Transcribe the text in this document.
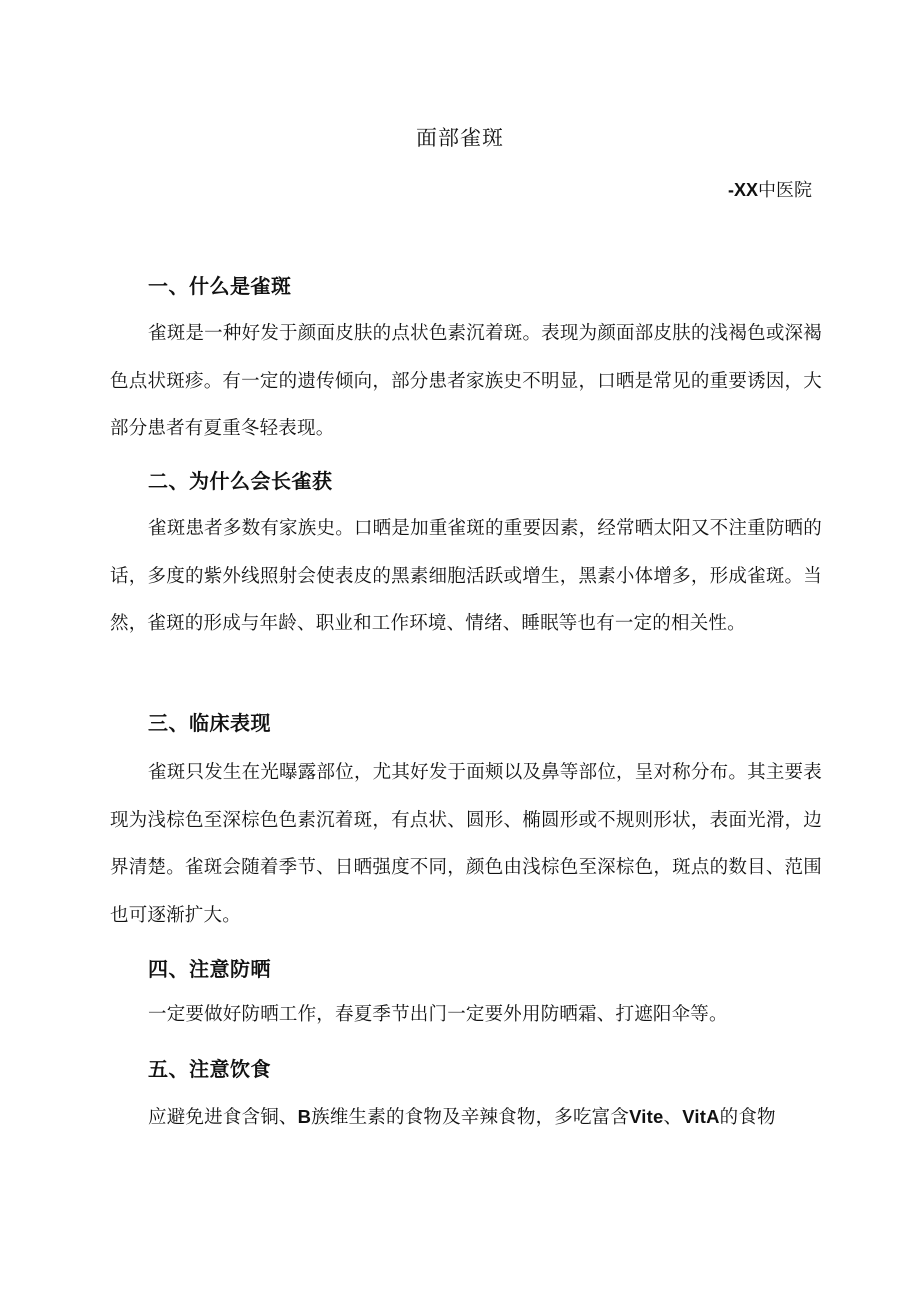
面部雀斑
-XX中医院
一、什么是雀斑
雀斑是一种好发于颜面皮肤的点状色素沉着斑。表现为颜面部皮肤的浅褐色或深褐色点状斑疹。有一定的遗传倾向，部分患者家族史不明显，口晒是常见的重要诱因，大部分患者有夏重冬轻表现。
二、为什么会长雀获
雀斑患者多数有家族史。口晒是加重雀斑的重要因素，经常晒太阳又不注重防晒的话，多度的紫外线照射会使表皮的黑素细胞活跃或增生，黑素小体增多，形成雀斑。当然，雀斑的形成与年龄、职业和工作环境、情绪、睡眠等也有一定的相关性。
三、临床表现
雀斑只发生在光曝露部位，尤其好发于面颊以及鼻等部位，呈对称分布。其主要表现为浅棕色至深棕色色素沉着斑，有点状、圆形、椭圆形或不规则形状，表面光滑，边界清楚。雀斑会随着季节、日晒强度不同，颜色由浅棕色至深棕色，斑点的数目、范围也可逐渐扩大。
四、注意防晒
一定要做好防晒工作，春夏季节出门一定要外用防晒霜、打遮阳伞等。
五、注意饮食
应避免进食含铜、B族维生素的食物及辛辣食物，多吃富含Vite、VitA的食物
